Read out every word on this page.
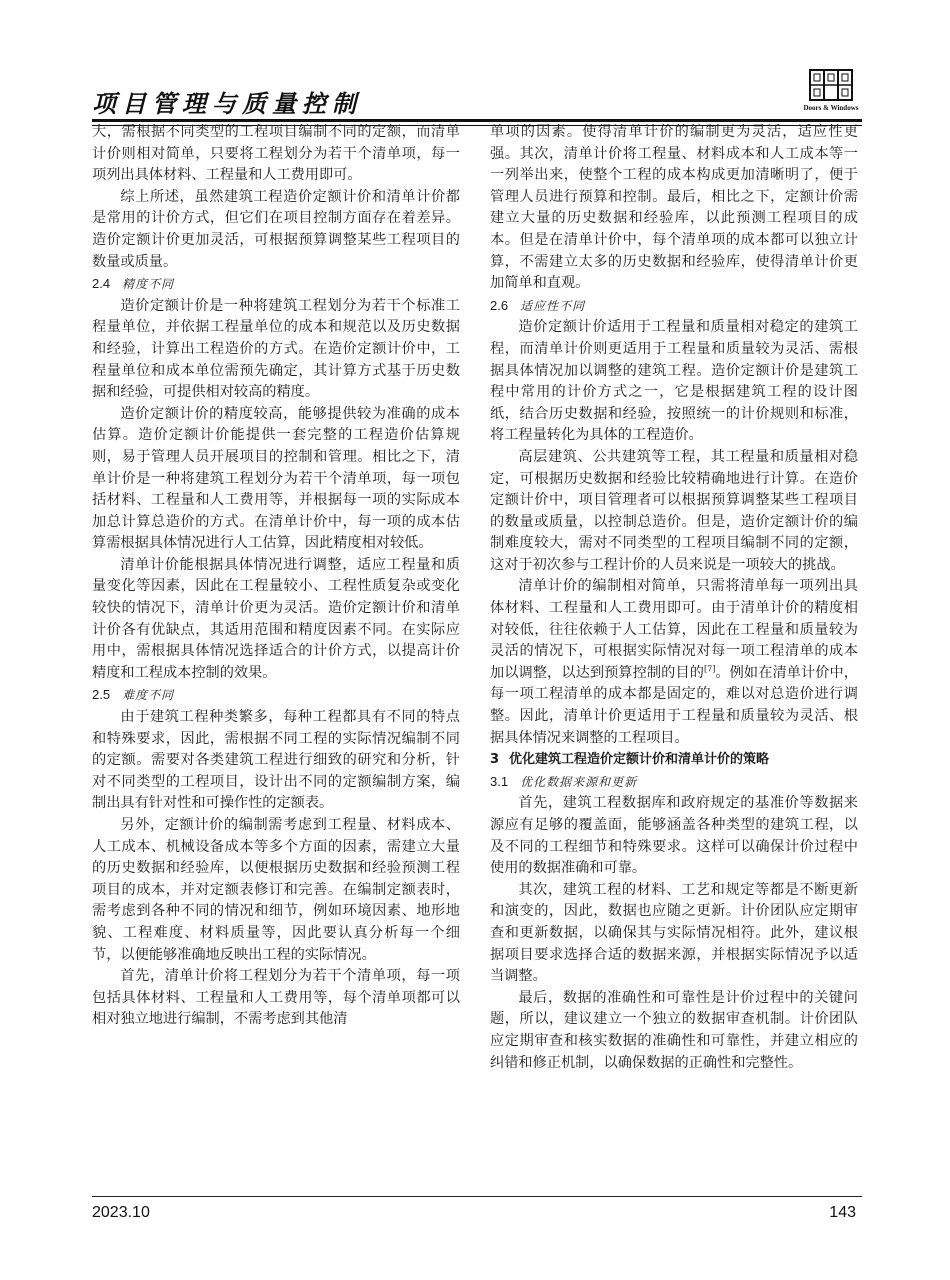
项目管理与质量控制	Doors & Windows

大，需根据不同类型的工程项目编制不同的定额，而清单计价则相对简单，只要将工程划分为若干个清单项，每一项列出具体材料、工程量和人工费用即可。

综上所述，虽然建筑工程造价定额计价和清单计价都是常用的计价方式，但它们在项目控制方面存在着差异。造价定额计价更加灵活，可根据预算调整某些工程项目的数量或质量。

2.4 精度不同

造价定额计价是一种将建筑工程划分为若干个标准工程量单位，并依据工程量单位的成本和规范以及历史数据和经验，计算出工程造价的方式。在造价定额计价中，工程量单位和成本单位需预先确定，其计算方式基于历史数据和经验，可提供相对较高的精度。

造价定额计价的精度较高，能够提供较为准确的成本估算。造价定额计价能提供一套完整的工程造价估算规则，易于管理人员开展项目的控制和管理。相比之下，清单计价是一种将建筑工程划分为若干个清单项，每一项包括材料、工程量和人工费用等，并根据每一项的实际成本加总计算总造价的方式。在清单计价中，每一项的成本估算需根据具体情况进行人工估算，因此精度相对较低。

清单计价能根据具体情况进行调整，适应工程量和质量变化等因素，因此在工程量较小、工程性质复杂或变化较快的情况下，清单计价更为灵活。造价定额计价和清单计价各有优缺点，其适用范围和精度因素不同。在实际应用中，需根据具体情况选择适合的计价方式，以提高计价精度和工程成本控制的效果。

2.5 难度不同

由于建筑工程种类繁多，每种工程都具有不同的特点和特殊要求，因此，需根据不同工程的实际情况编制不同的定额。需要对各类建筑工程进行细致的研究和分析，针对不同类型的工程项目，设计出不同的定额编制方案，编制出具有针对性和可操作性的定额表。

另外，定额计价的编制需考虑到工程量、材料成本、人工成本、机械设备成本等多个方面的因素，需建立大量的历史数据和经验库，以便根据历史数据和经验预测工程项目的成本，并对定额表修订和完善。在编制定额表时，需考虑到各种不同的情况和细节，例如环境因素、地形地貌、工程难度、材料质量等，因此要认真分析每一个细节，以便能够准确地反映出工程的实际情况。

首先，清单计价将工程划分为若干个清单项，每一项包括具体材料、工程量和人工费用等，每个清单项都可以相对独立地进行编制，不需考虑到其他清

单项的因素。使得清单计价的编制更为灵活，适应性更强。其次，清单计价将工程量、材料成本和人工成本等一一列举出来，使整个工程的成本构成更加清晰明了，便于管理人员进行预算和控制。最后，相比之下，定额计价需建立大量的历史数据和经验库，以此预测工程项目的成本。但是在清单计价中，每个清单项的成本都可以独立计算，不需建立太多的历史数据和经验库，使得清单计价更加简单和直观。

2.6 适应性不同

造价定额计价适用于工程量和质量相对稳定的建筑工程，而清单计价则更适用于工程量和质量较为灵活、需根据具体情况加以调整的建筑工程。造价定额计价是建筑工程中常用的计价方式之一，它是根据建筑工程的设计图纸，结合历史数据和经验，按照统一的计价规则和标准，将工程量转化为具体的工程造价。

高层建筑、公共建筑等工程，其工程量和质量相对稳定，可根据历史数据和经验比较精确地进行计算。在造价定额计价中，项目管理者可以根据预算调整某些工程项目的数量或质量，以控制总造价。但是，造价定额计价的编制难度较大，需对不同类型的工程项目编制不同的定额，这对于初次参与工程计价的人员来说是一项较大的挑战。

清单计价的编制相对简单，只需将清单每一项列出具体材料、工程量和人工费用即可。由于清单计价的精度相对较低，往往依赖于人工估算，因此在工程量和质量较为灵活的情况下，可根据实际情况对每一项工程清单的成本加以调整，以达到预算控制的目的[7]。例如在清单计价中，每一项工程清单的成本都是固定的，难以对总造价进行调整。因此，清单计价更适用于工程量和质量较为灵活、根据具体情况来调整的工程项目。

3 优化建筑工程造价定额计价和清单计价的策略
3.1 优化数据来源和更新

首先，建筑工程数据库和政府规定的基准价等数据来源应有足够的覆盖面，能够涵盖各种类型的建筑工程，以及不同的工程细节和特殊要求。这样可以确保计价过程中使用的数据准确和可靠。

其次，建筑工程的材料、工艺和规定等都是不断更新和演变的，因此，数据也应随之更新。计价团队应定期审查和更新数据，以确保其与实际情况相符。此外，建议根据项目要求选择合适的数据来源，并根据实际情况予以适当调整。

最后，数据的准确性和可靠性是计价过程中的关键问题，所以，建议建立一个独立的数据审查机制。计价团队应定期审查和核实数据的准确性和可靠性，并建立相应的纠错和修正机制，以确保数据的正确性和完整性。

2023.10	143
